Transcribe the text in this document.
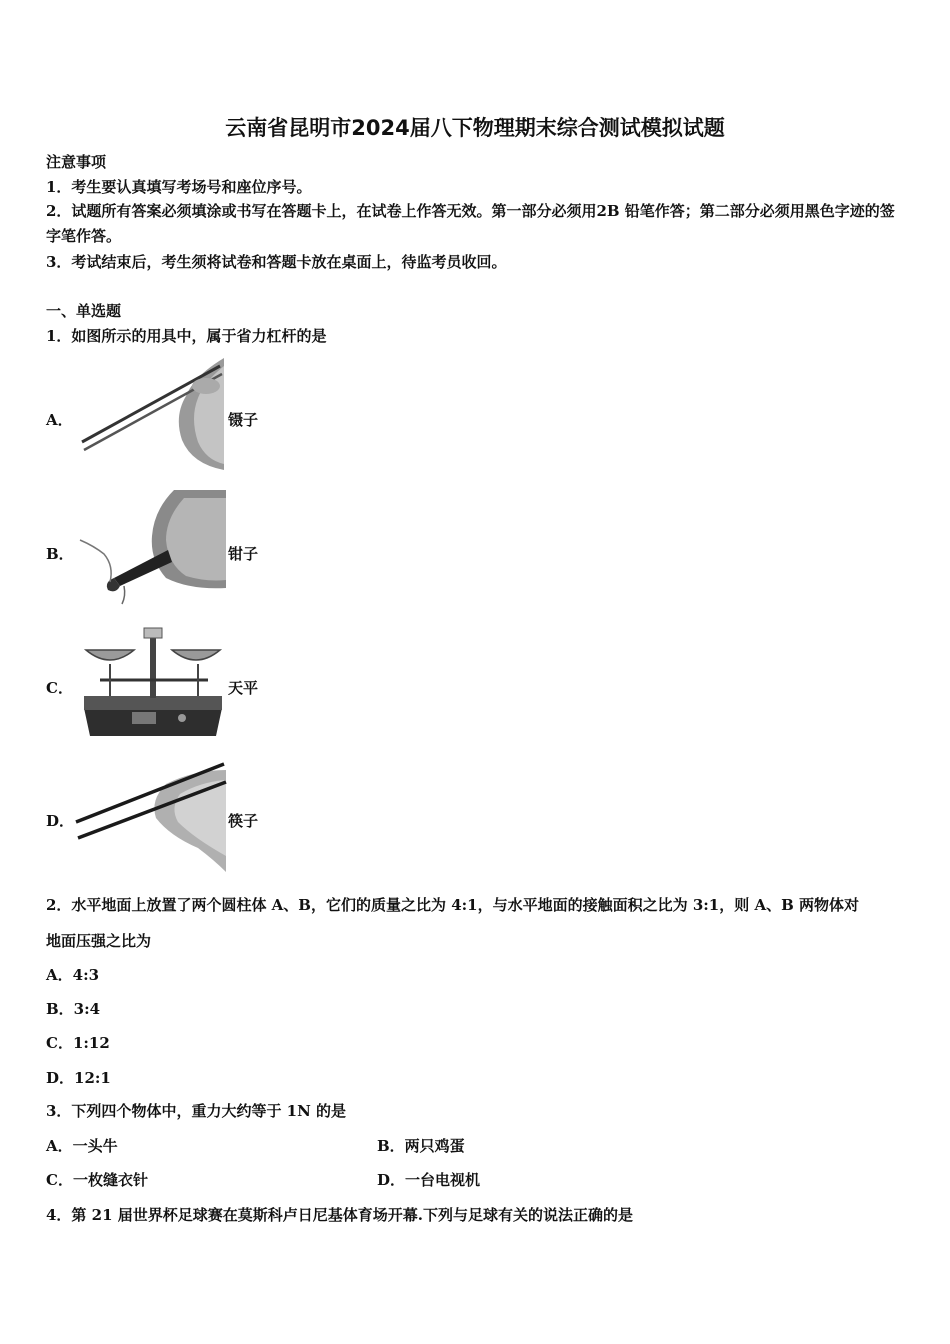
云南省昆明市2024届八下物理期末综合测试模拟试题
注意事项
1．考生要认真填写考场号和座位序号。
2．试题所有答案必须填涂或书写在答题卡上，在试卷上作答无效。第一部分必须用2B 铅笔作答；第二部分必须用黑色字迹的签字笔作答。
3．考试结束后，考生须将试卷和答题卡放在桌面上，待监考员收回。
一、单选题
1．如图所示的用具中，属于省力杠杆的是
A．	镊子
B．	钳子
C．	天平
D．	筷子
2．水平地面上放置了两个圆柱体 A、B，它们的质量之比为 4:1，与水平地面的接触面积之比为 3:1，则 A、B 两物体对
地面压强之比为
A．4:3
B．3:4
C．1:12
D．12:1
3．下列四个物体中，重力大约等于 1N 的是
A．一头牛	B．两只鸡蛋
C．一枚缝衣针	D．一台电视机
4．第 21 届世界杯足球赛在莫斯科卢日尼基体育场开幕.下列与足球有关的说法正确的是
